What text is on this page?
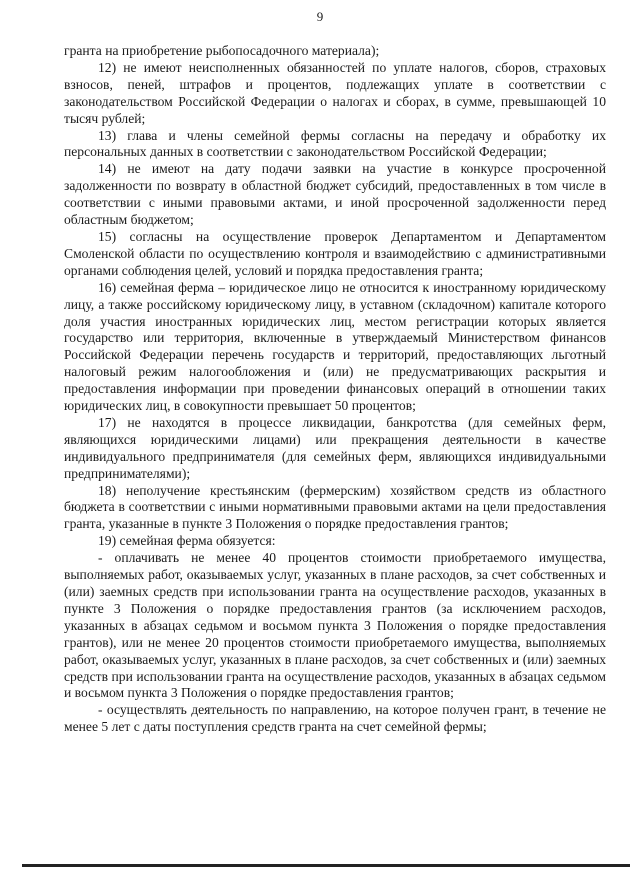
9

гранта на приобретение рыбопосадочного материала);

12) не имеют неисполненных обязанностей по уплате налогов, сборов, страховых взносов, пеней, штрафов и процентов, подлежащих уплате в соответствии с законодательством Российской Федерации о налогах и сборах, в сумме, превышающей 10 тысяч рублей;

13) глава и члены семейной фермы согласны на передачу и обработку их персональных данных в соответствии с законодательством Российской Федерации;

14) не имеют на дату подачи заявки на участие в конкурсе просроченной задолженности по возврату в областной бюджет субсидий, предоставленных в том числе в соответствии с иными правовыми актами, и иной просроченной задолженности перед областным бюджетом;

15) согласны на осуществление проверок Департаментом и Департаментом Смоленской области по осуществлению контроля и взаимодействию с административными органами соблюдения целей, условий и порядка предоставления гранта;

16) семейная ферма – юридическое лицо не относится к иностранному юридическому лицу, а также российскому юридическому лицу, в уставном (складочном) капитале которого доля участия иностранных юридических лиц, местом регистрации которых является государство или территория, включенные в утверждаемый Министерством финансов Российской Федерации перечень государств и территорий, предоставляющих льготный налоговый режим налогообложения и (или) не предусматривающих раскрытия и предоставления информации при проведении финансовых операций в отношении таких юридических лиц, в совокупности превышает 50 процентов;

17) не находятся в процессе ликвидации, банкротства (для семейных ферм, являющихся юридическими лицами) или прекращения деятельности в качестве индивидуального предпринимателя (для семейных ферм, являющихся индивидуальными предпринимателями);

18) неполучение крестьянским (фермерским) хозяйством средств из областного бюджета в соответствии с иными нормативными правовыми актами на цели предоставления гранта, указанные в пункте 3 Положения о порядке предоставления грантов;

19) семейная ферма обязуется:

- оплачивать не менее 40 процентов стоимости приобретаемого имущества, выполняемых работ, оказываемых услуг, указанных в плане расходов, за счет собственных и (или) заемных средств при использовании гранта на осуществление расходов, указанных в пункте 3 Положения о порядке предоставления грантов (за исключением расходов, указанных в абзацах седьмом и восьмом пункта 3 Положения о порядке предоставления грантов), или не менее 20 процентов стоимости приобретаемого имущества, выполняемых работ, оказываемых услуг, указанных в плане расходов, за счет собственных и (или) заемных средств при использовании гранта на осуществление расходов, указанных в абзацах седьмом и восьмом пункта 3 Положения о порядке предоставления грантов;

- осуществлять деятельность по направлению, на которое получен грант, в течение не менее 5 лет с даты поступления средств гранта на счет семейной фермы;
